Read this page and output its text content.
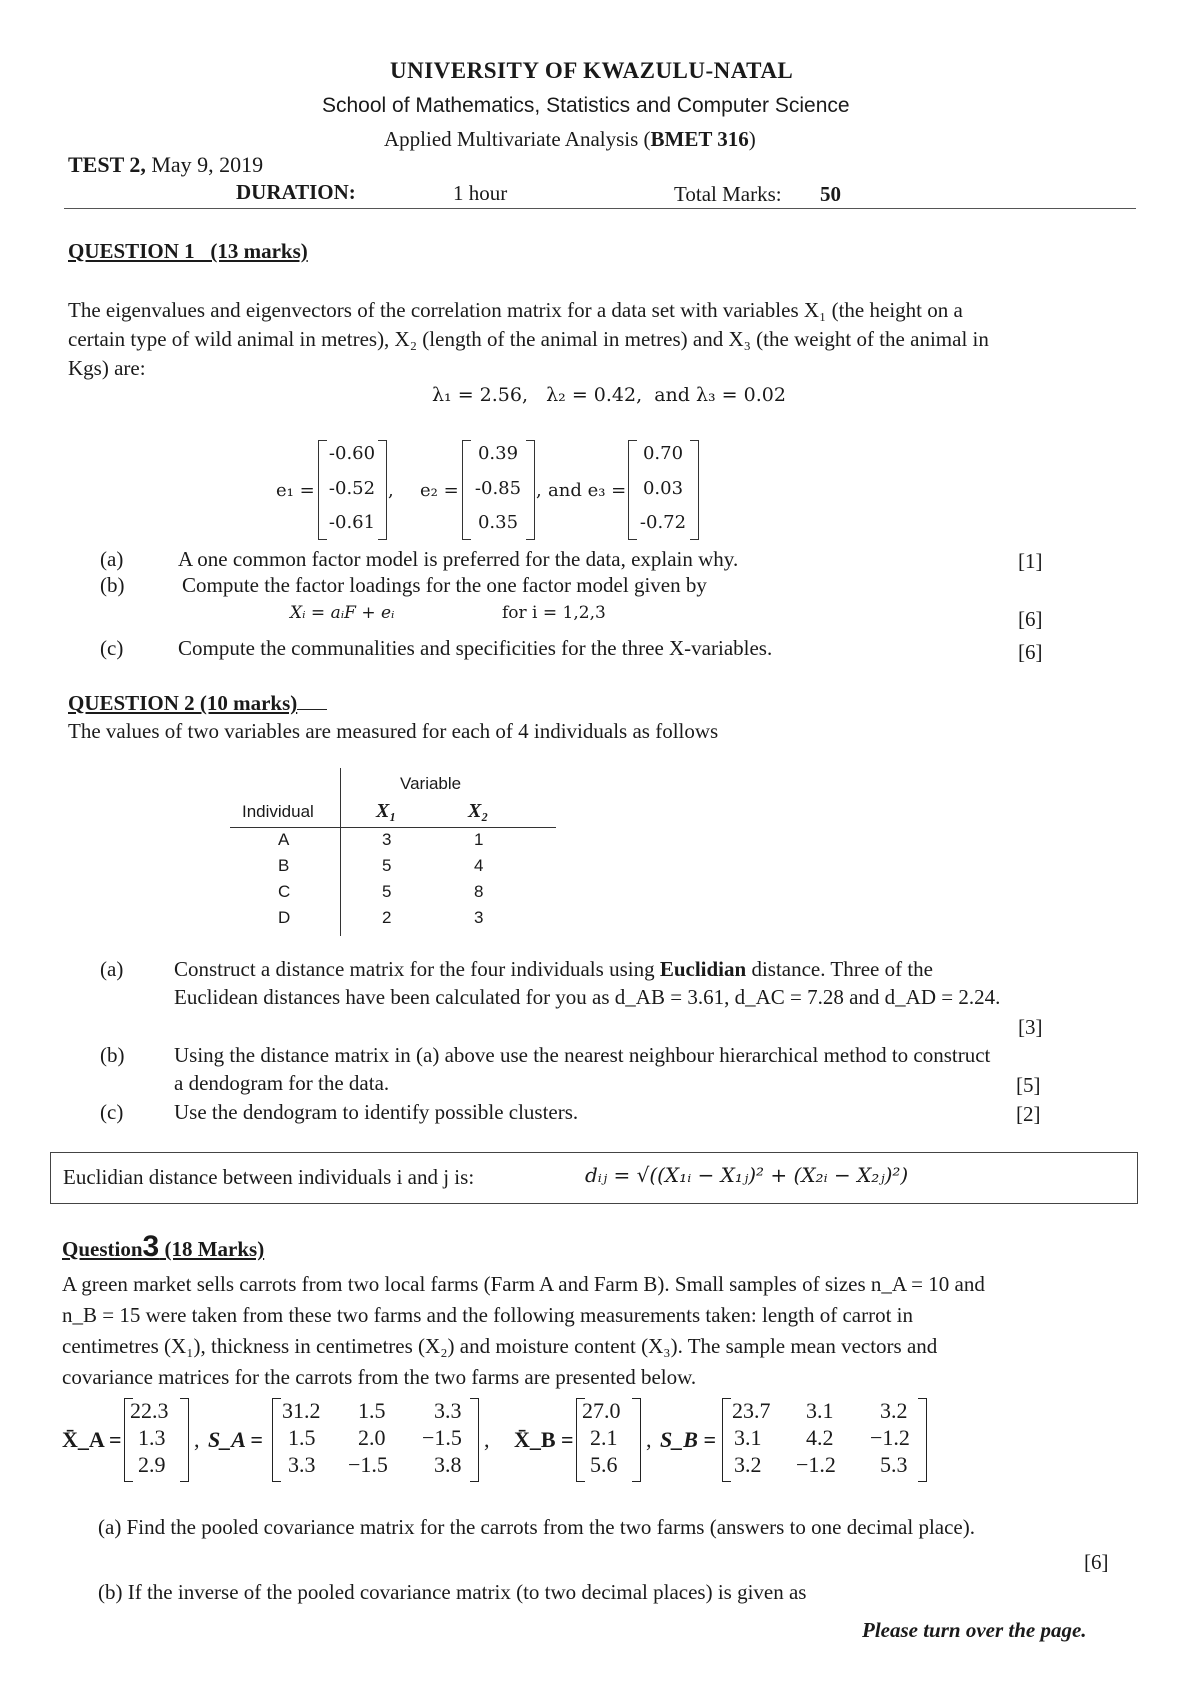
UNIVERSITY OF KWAZULU-NATAL
School of Mathematics, Statistics and Computer Science
Applied Multivariate Analysis (BMET 316)
TEST 2, May 9, 2019
DURATION:	1 hour	Total Marks: 50
QUESTION 1   (13 marks)
The eigenvalues and eigenvectors of the correlation matrix for a data set with variables X₁ (the height on a
certain type of wild animal in metres), X₂ (length of the animal in metres) and X₃ (the weight of the animal in
Kgs) are:
λ₁ = 2.56,   λ₂ = 0.42,  and λ₃ = 0.02
e₁ =
-0.60
-0.52
-0.61
, e₂ =
0.39
-0.85
0.35
, and e₃ =
0.70
0.03
-0.72
(a)	A one common factor model is preferred for the data, explain why.	[1]
(b)	Compute the factor loadings for the one factor model given by
Xᵢ = aᵢF + eᵢ	for i = 1,2,3	[6]
(c)	Compute the communalities and specificities for the three X-variables.	[6]
QUESTION 2 (10 marks)
The values of two variables are measured for each of 4 individuals as follows
Variable
Individual	X₁	X₂
A	3	1
B	5	4
C	5	8
D	2	3
(a) Construct a distance matrix for the four individuals using Euclidian distance. Three of the
Euclidean distances have been calculated for you as d_AB = 3.61, d_AC = 7.28 and d_AD = 2.24.
[3]
(b) Using the distance matrix in (a) above use the nearest neighbour hierarchical method to construct
a dendogram for the data.	[5]
(c) Use the dendogram to identify possible clusters.	[2]
Euclidian distance between individuals i and j is:	dᵢⱼ = √((X₁ᵢ − X₁ⱼ)² + (X₂ᵢ − X₂ⱼ)²)
Question3 (18 Marks)
A green market sells carrots from two local farms (Farm A and Farm B). Small samples of sizes n_A = 10 and
n_B = 15 were taken from these two farms and the following measurements taken: length of carrot in
centimetres (X₁), thickness in centimetres (X₂) and moisture content (X₃). The sample mean vectors and
covariance matrices for the carrots from the two farms are presented below.
X̄_A =
22.3
1.3
2.9
, S_A =
31.2 1.5 3.3
1.5 2.0 −1.5
3.3 −1.5 3.8
, X̄_B =
27.0
2.1
5.6
, S_B =
23.7 3.1 3.2
3.1 4.2 −1.2
3.2 −1.2 5.3
(a) Find the pooled covariance matrix for the carrots from the two farms (answers to one decimal place).
[6]
(b) If the inverse of the pooled covariance matrix (to two decimal places) is given as
Please turn over the page.
